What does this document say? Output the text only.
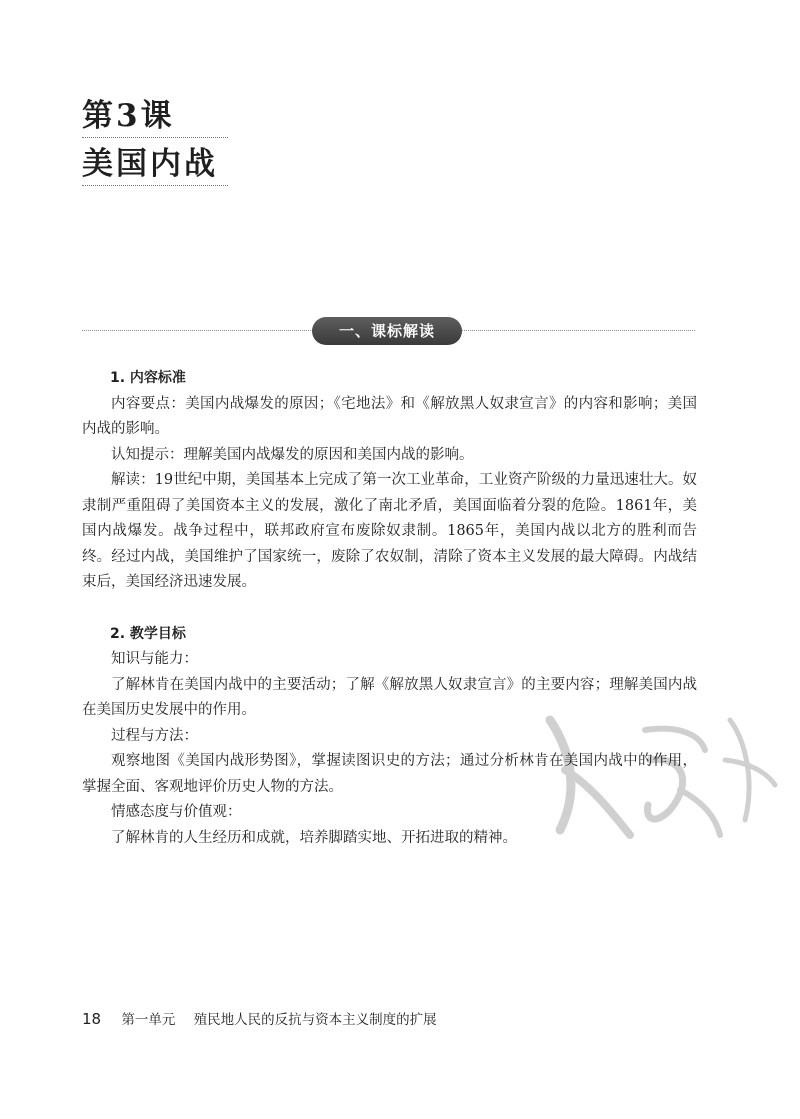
第3课
美国内战
一、课标解读

1. 内容标准

内容要点：美国内战爆发的原因；《宅地法》和《解放黑人奴隶宣言》的内容和影响；美国内战的影响。

认知提示：理解美国内战爆发的原因和美国内战的影响。

解读：19世纪中期，美国基本上完成了第一次工业革命，工业资产阶级的力量迅速壮大。奴隶制严重阻碍了美国资本主义的发展，激化了南北矛盾，美国面临着分裂的危险。1861年，美国内战爆发。战争过程中，联邦政府宣布废除奴隶制。1865年，美国内战以北方的胜利而告终。经过内战，美国维护了国家统一，废除了农奴制，清除了资本主义发展的最大障碍。内战结束后，美国经济迅速发展。

2. 教学目标

知识与能力：

了解林肯在美国内战中的主要活动；了解《解放黑人奴隶宣言》的主要内容；理解美国内战在美国历史发展中的作用。

过程与方法：

观察地图《美国内战形势图》，掌握读图识史的方法；通过分析林肯在美国内战中的作用，掌握全面、客观地评价历史人物的方法。

情感态度与价值观：

了解林肯的人生经历和成就，培养脚踏实地、开拓进取的精神。

18 第一单元 殖民地人民的反抗与资本主义制度的扩展
